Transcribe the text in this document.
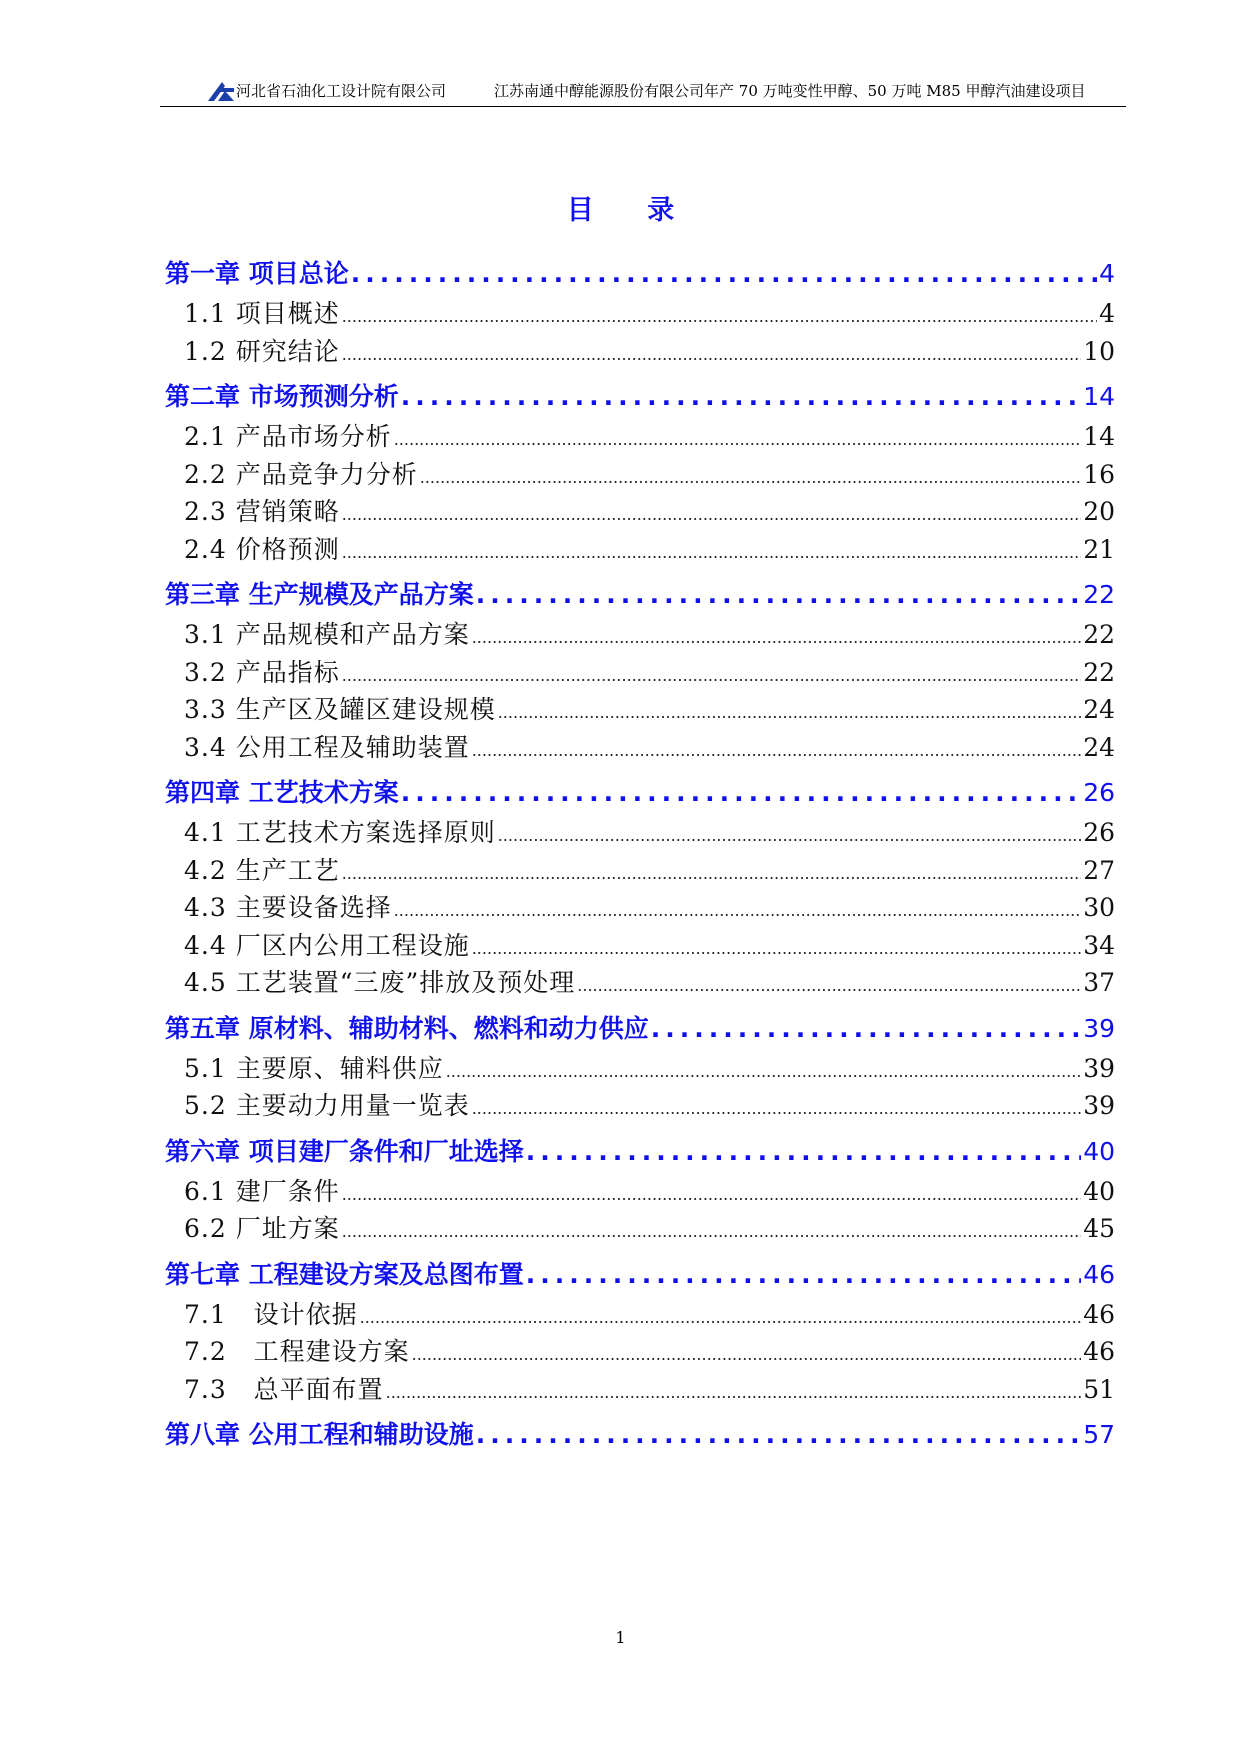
河北省石油化工设计院有限公司	江苏南通中醇能源股份有限公司年产 70 万吨变性甲醇、50 万吨 M85 甲醇汽油建设项目
目 录
第一章 项目总论 .....	4
1.1 项目概述 .....	4
1.2 研究结论 .....	10
第二章 市场预测分析 .....	14
2.1 产品市场分析 .....	14
2.2 产品竞争力分析 .....	16
2.3 营销策略 .....	20
2.4 价格预测 .....	21
第三章 生产规模及产品方案 .....	22
3.1 产品规模和产品方案 .....	22
3.2 产品指标 .....	22
3.3 生产区及罐区建设规模 .....	24
3.4 公用工程及辅助装置 .....	24
第四章 工艺技术方案 .....	26
4.1 工艺技术方案选择原则 .....	26
4.2 生产工艺 .....	27
4.3 主要设备选择 .....	30
4.4 厂区内公用工程设施 .....	34
4.5 工艺装置“三废”排放及预处理 .....	37
第五章 原材料、辅助材料、燃料和动力供应 .....	39
5.1 主要原、辅料供应 .....	39
5.2 主要动力用量一览表 .....	39
第六章 项目建厂条件和厂址选择 .....	40
6.1 建厂条件 .....	40
6.2 厂址方案 .....	45
第七章 工程建设方案及总图布置 .....	46
7.1   设计依据 .....	46
7.2   工程建设方案 .....	46
7.3   总平面布置 .....	51
第八章 公用工程和辅助设施 .....	57
1
